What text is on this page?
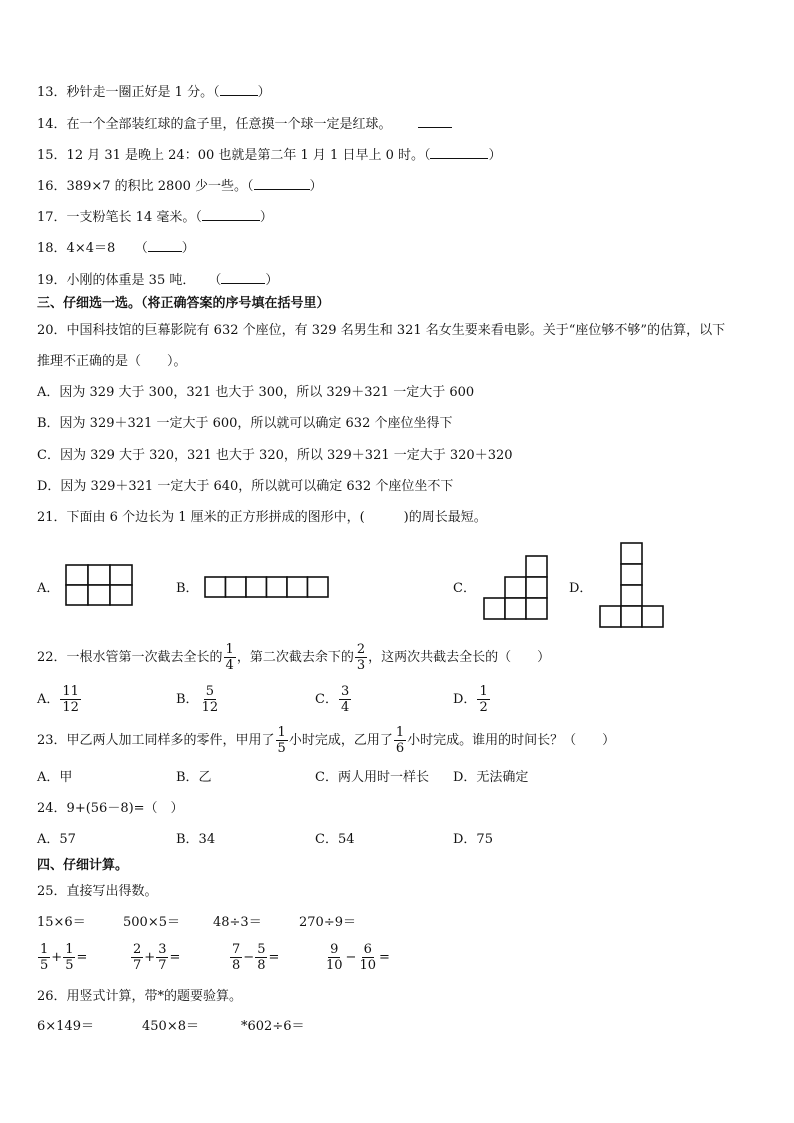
13．秒针走一圈正好是 1 分。（	）
14．在一个全部装红球的盒子里，任意摸一个球一定是红球。
15．12 月 31 是晚上 24：00 也就是第二年 1 月 1 日早上 0 时。（	）
16．389×7 的积比 2800 少一些。（	）
17．一支粉笔长 14 毫米。（	）
18．4×4＝8　　（	）
19．小刚的体重是 35 吨．　　（	）
三、仔细选一选。（将正确答案的序号填在括号里）
20．中国科技馆的巨幕影院有 632 个座位，有 329 名男生和 321 名女生要来看电影。关于“座位够不够”的估算，以下
推理不正确的是（　　）。
A．因为 329 大于 300，321 也大于 300，所以 329＋321 一定大于 600
B．因为 329＋321 一定大于 600，所以就可以确定 632 个座位坐得下
C．因为 329 大于 320，321 也大于 320，所以 329＋321 一定大于 320＋320
D．因为 329＋321 一定大于 640，所以就可以确定 632 个座位坐不下
21．下面由 6 个边长为 1 厘米的正方形拼成的图形中，(　　　)的周长最短。
A．	B．	C．	D．
22．一根水管第一次截去全长的 $\frac{1}{4}$ ，第二次截去余下的 $\frac{2}{3}$ ，这两次共截去全长的（　　）
A． $\frac{11}{12}$	B． $\frac{5}{12}$	C． $\frac{3}{4}$	D． $\frac{1}{2}$
23．甲乙两人加工同样多的零件，甲用了 $\frac{1}{5}$ 小时完成，乙用了 $\frac{1}{6}$ 小时完成。谁用的时间长？（　　）
A．甲	B．乙	C．两人用时一样长 D．无法确定
24．9+(56－8)=（　）
A．57	B．34	C．54	D．75
四、仔细计算。
25．直接写出得数。
15×6＝	500×5＝	48÷3＝	270÷9＝
$\frac{1}{5} + \frac{1}{5}$ =	$\frac{2}{7} + \frac{3}{7}$ =	$\frac{7}{8} - \frac{5}{8}$ =	$\frac{9}{10} - \frac{6}{10}$ =
26．用竖式计算，带*的题要验算。
6×149＝	450×8＝	*602÷6＝
